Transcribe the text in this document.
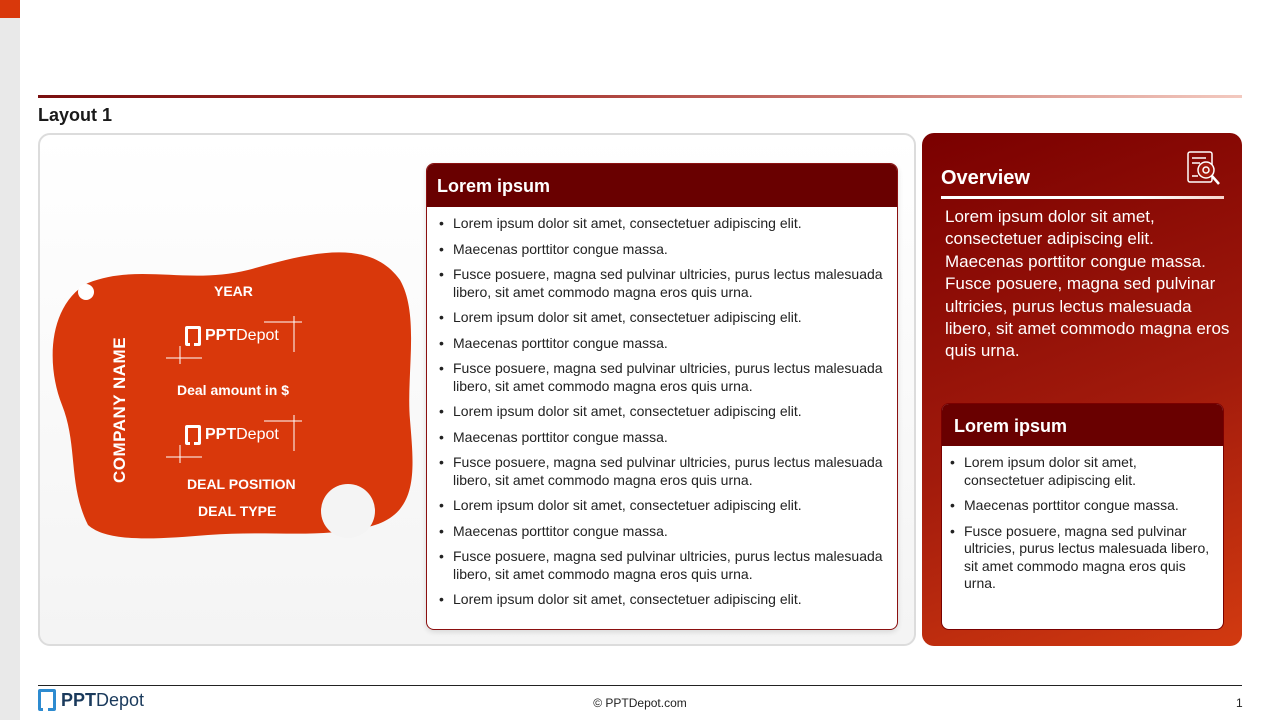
Layout 1
COMPANY NAME
YEAR
PPTDepot
Deal amount in $
PPTDepot
DEAL POSITION
DEAL TYPE
Lorem ipsum
• Lorem ipsum dolor sit amet, consectetuer adipiscing elit.
• Maecenas porttitor congue massa.
• Fusce posuere, magna sed pulvinar ultricies, purus lectus malesuada libero, sit amet commodo magna eros quis urna.
• Lorem ipsum dolor sit amet, consectetuer adipiscing elit.
• Maecenas porttitor congue massa.
• Fusce posuere, magna sed pulvinar ultricies, purus lectus malesuada libero, sit amet commodo magna eros quis urna.
• Lorem ipsum dolor sit amet, consectetuer adipiscing elit.
• Maecenas porttitor congue massa.
• Fusce posuere, magna sed pulvinar ultricies, purus lectus malesuada libero, sit amet commodo magna eros quis urna.
• Lorem ipsum dolor sit amet, consectetuer adipiscing elit.
• Maecenas porttitor congue massa.
• Fusce posuere, magna sed pulvinar ultricies, purus lectus malesuada libero, sit amet commodo magna eros quis urna.
• Lorem ipsum dolor sit amet, consectetuer adipiscing elit.
Overview
Lorem ipsum dolor sit amet, consectetuer adipiscing elit. Maecenas porttitor congue massa. Fusce posuere, magna sed pulvinar ultricies, purus lectus malesuada libero, sit amet commodo magna eros quis urna.
Lorem ipsum
• Lorem ipsum dolor sit amet, consectetuer adipiscing elit.
• Maecenas porttitor congue massa.
• Fusce posuere, magna sed pulvinar ultricies, purus lectus malesuada libero, sit amet commodo magna eros quis urna.
PPTDepot	© PPTDepot.com	1
